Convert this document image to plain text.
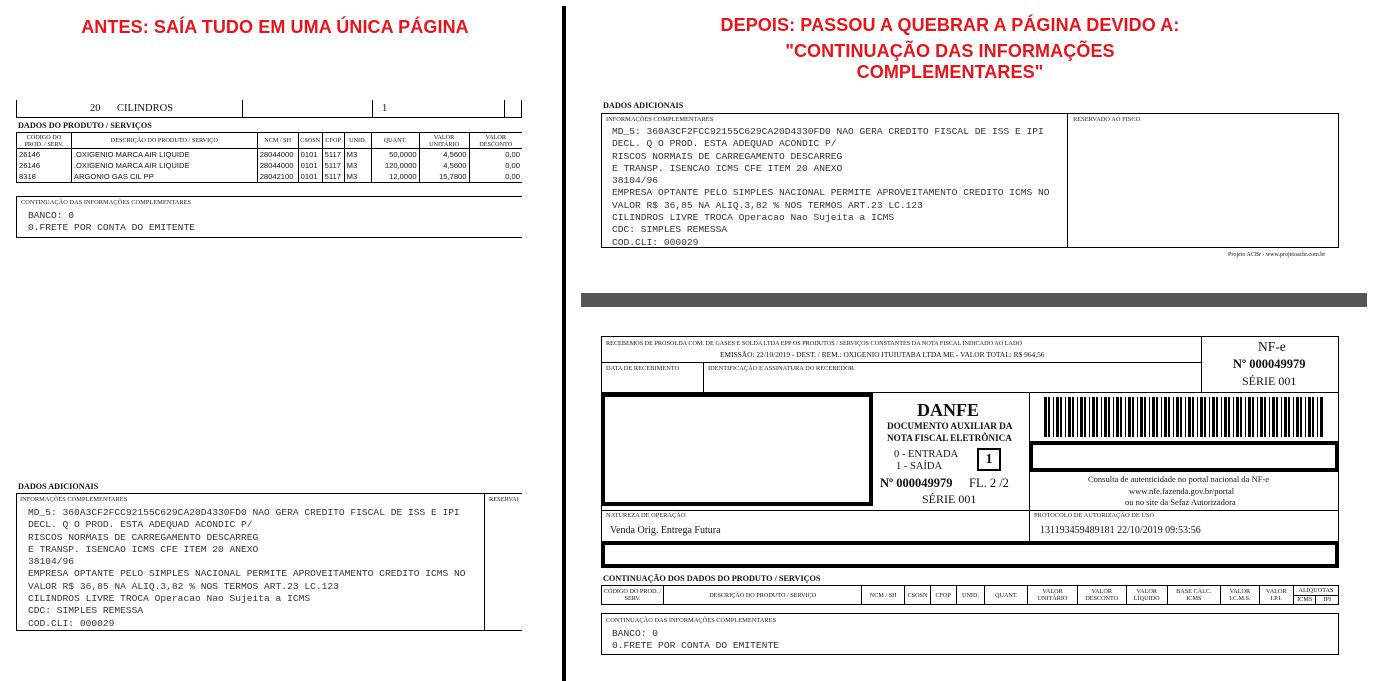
ANTES: SAÍA TUDO EM UMA ÚNICA PÁGINA	DEPOIS: PASSOU A QUEBRAR A PÁGINA DEVIDO A:
"CONTINUAÇÃO DAS INFORMAÇÕES COMPLEMENTARES"
20 CILINDROS	1
DADOS DO PRODUTO / SERVIÇOS
CÓDIGO DO PROD. / SERV.	DESCRIÇÃO DO PRODUTO / SERVIÇO	NCM / SH	CSOSN	CFOP	UNID.	QUANT.	VALOR UNITÁRIO	VALOR DESCONTO
26146	.OXIGENIO MARCA AIR LIQUIDE	28044000	0101	5117	M3	50,0000	4,5600	0,00
26146	.OXIGENIO MARCA AIR LIQUIDE	28044000	0101	5117	M3	120,0000	4,5600	0,00
8318	ARGONIO GAS CIL PP	28042100	0101	5117	M3	12,0000	15,7800	0,00
CONTINUAÇÃO DAS INFORMAÇÕES COMPLEMENTARES
BANCO: 0
0.FRETE POR CONTA DO EMITENTE
DADOS ADICIONAIS
INFORMAÇÕES COMPLEMENTARES	RESERVAI
MD_5: 360A3CF2FCC92155C629CA20D4330FD0 NAO GERA CREDITO FISCAL DE ISS E IPI
DECL. Q O PROD. ESTA ADEQUAD ACONDIC P/
RISCOS NORMAIS DE CARREGAMENTO DESCARREG
E TRANSP. ISENCAO ICMS CFE ITEM 20 ANEXO
38104/96
EMPRESA OPTANTE PELO SIMPLES NACIONAL PERMITE APROVEITAMENTO CREDITO ICMS NO
VALOR R$ 36,85 NA ALIQ.3,82 % NOS TERMOS ART.23 LC.123
CILINDROS LIVRE TROCA Operacao Nao Sujeita a ICMS
CDC: SIMPLES REMESSA
COD.CLI: 000029
DADOS ADICIONAIS
INFORMAÇÕES COMPLEMENTARES	RESERVADO AO FISCO
MD_5: 360A3CF2FCC92155C629CA20D4330FD0 NAO GERA CREDITO FISCAL DE ISS E IPI
DECL. Q O PROD. ESTA ADEQUAD ACONDIC P/
RISCOS NORMAIS DE CARREGAMENTO DESCARREG
E TRANSP. ISENCAO ICMS CFE ITEM 20 ANEXO
38104/96
EMPRESA OPTANTE PELO SIMPLES NACIONAL PERMITE APROVEITAMENTO CREDITO ICMS NO
VALOR R$ 36,85 NA ALIQ.3,82 % NOS TERMOS ART.23 LC.123
CILINDROS LIVRE TROCA Operacao Nao Sujeita a ICMS
CDC: SIMPLES REMESSA
COD.CLI: 000029
Projeto ACBr - www.projetoacbr.com.br
RECEBEMOS DE PROSOLDA COM. DE GASES E SOLDA LTDA EPP OS PRODUTOS / SERVIÇOS CONSTANTES DA NOTA FISCAL INDICADO AO LADO
EMISSÃO: 22/10/2019 - DEST. / REM.: OXIGENIO ITUIUTABA LTDA ME - VALOR TOTAL: R$ 964,56
DATA DE RECEBIMENTO	IDENTIFICAÇÃO E ASSINATURA DO RECEBEDOR
NF-e
Nº 000049979
SÉRIE 001
DANFE
DOCUMENTO AUXILIAR DA
NOTA FISCAL ELETRÔNICA
0 - ENTRADA
1 - SAÍDA	1
Nº 000049979 FL. 2 /2
SÉRIE 001
Consulta de autenticidade no portal nacional da NF-e
www.nfe.fazenda.gov.br/portal
ou no site da Sefaz Autorizadora
NATUREZA DE OPERAÇÃO
Venda Orig. Entrega Futura
PROTOCOLO DE AUTORIZAÇÃO DE USO
131193459489181 22/10/2019 09:53:56
CONTINUAÇÃO DOS DADOS DO PRODUTO / SERVIÇOS
CÓDIGO DO PROD. / SERV.	DESCRIÇÃO DO PRODUTO / SERVIÇO	NCM / SH	CSOSN	CFOP	UNID.	QUANT.	VALOR UNITÁRIO	VALOR DESCONTO	VALOR LÍQUIDO	BASE CÁLC. ICMS	VALOR I.C.M.S.	VALOR I.P.I.	
ALÍQUOTAS
ICMS	IPI
CONTINUAÇÃO DAS INFORMAÇÕES COMPLEMENTARES
BANCO: 0
0.FRETE POR CONTA DO EMITENTE
